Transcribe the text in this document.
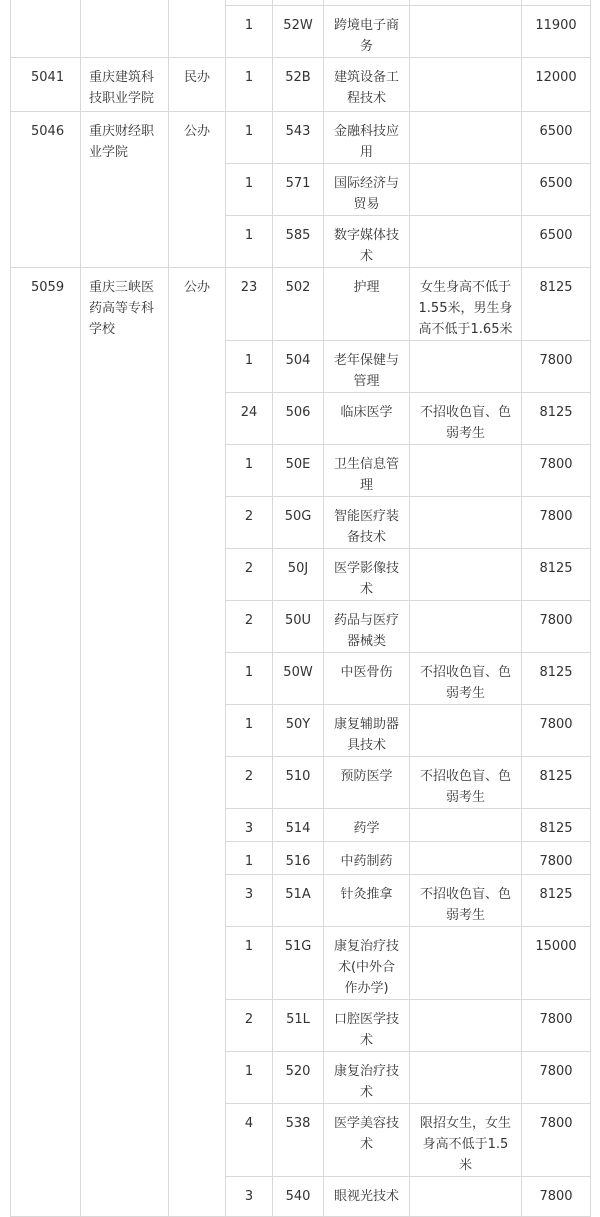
			1	52W	跨境电子商务		11900
5041	重庆建筑科技职业学院	民办	1	52B	建筑设备工程技术		12000
5046	重庆财经职业学院	公办	1	543	金融科技应用		6500
			1	571	国际经济与贸易		6500
			1	585	数字媒体技术		6500
5059	重庆三峡医药高等专科学校	公办	23	502	护理	女生身高不低于1.55米，男生身高不低于1.65米	8125
			1	504	老年保健与管理		7800
			24	506	临床医学	不招收色盲、色弱考生	8125
			1	50E	卫生信息管理		7800
			2	50G	智能医疗装备技术		7800
			2	50J	医学影像技术		8125
			2	50U	药品与医疗器械类		7800
			1	50W	中医骨伤	不招收色盲、色弱考生	8125
			1	50Y	康复辅助器具技术		7800
			2	510	预防医学	不招收色盲、色弱考生	8125
			3	514	药学		8125
			1	516	中药制药		7800
			3	51A	针灸推拿	不招收色盲、色弱考生	8125
			1	51G	康复治疗技术(中外合作办学)		15000
			2	51L	口腔医学技术		7800
			1	520	康复治疗技术		7800
			4	538	医学美容技术	限招女生，女生身高不低于1.5米	7800
			3	540	眼视光技术		7800
